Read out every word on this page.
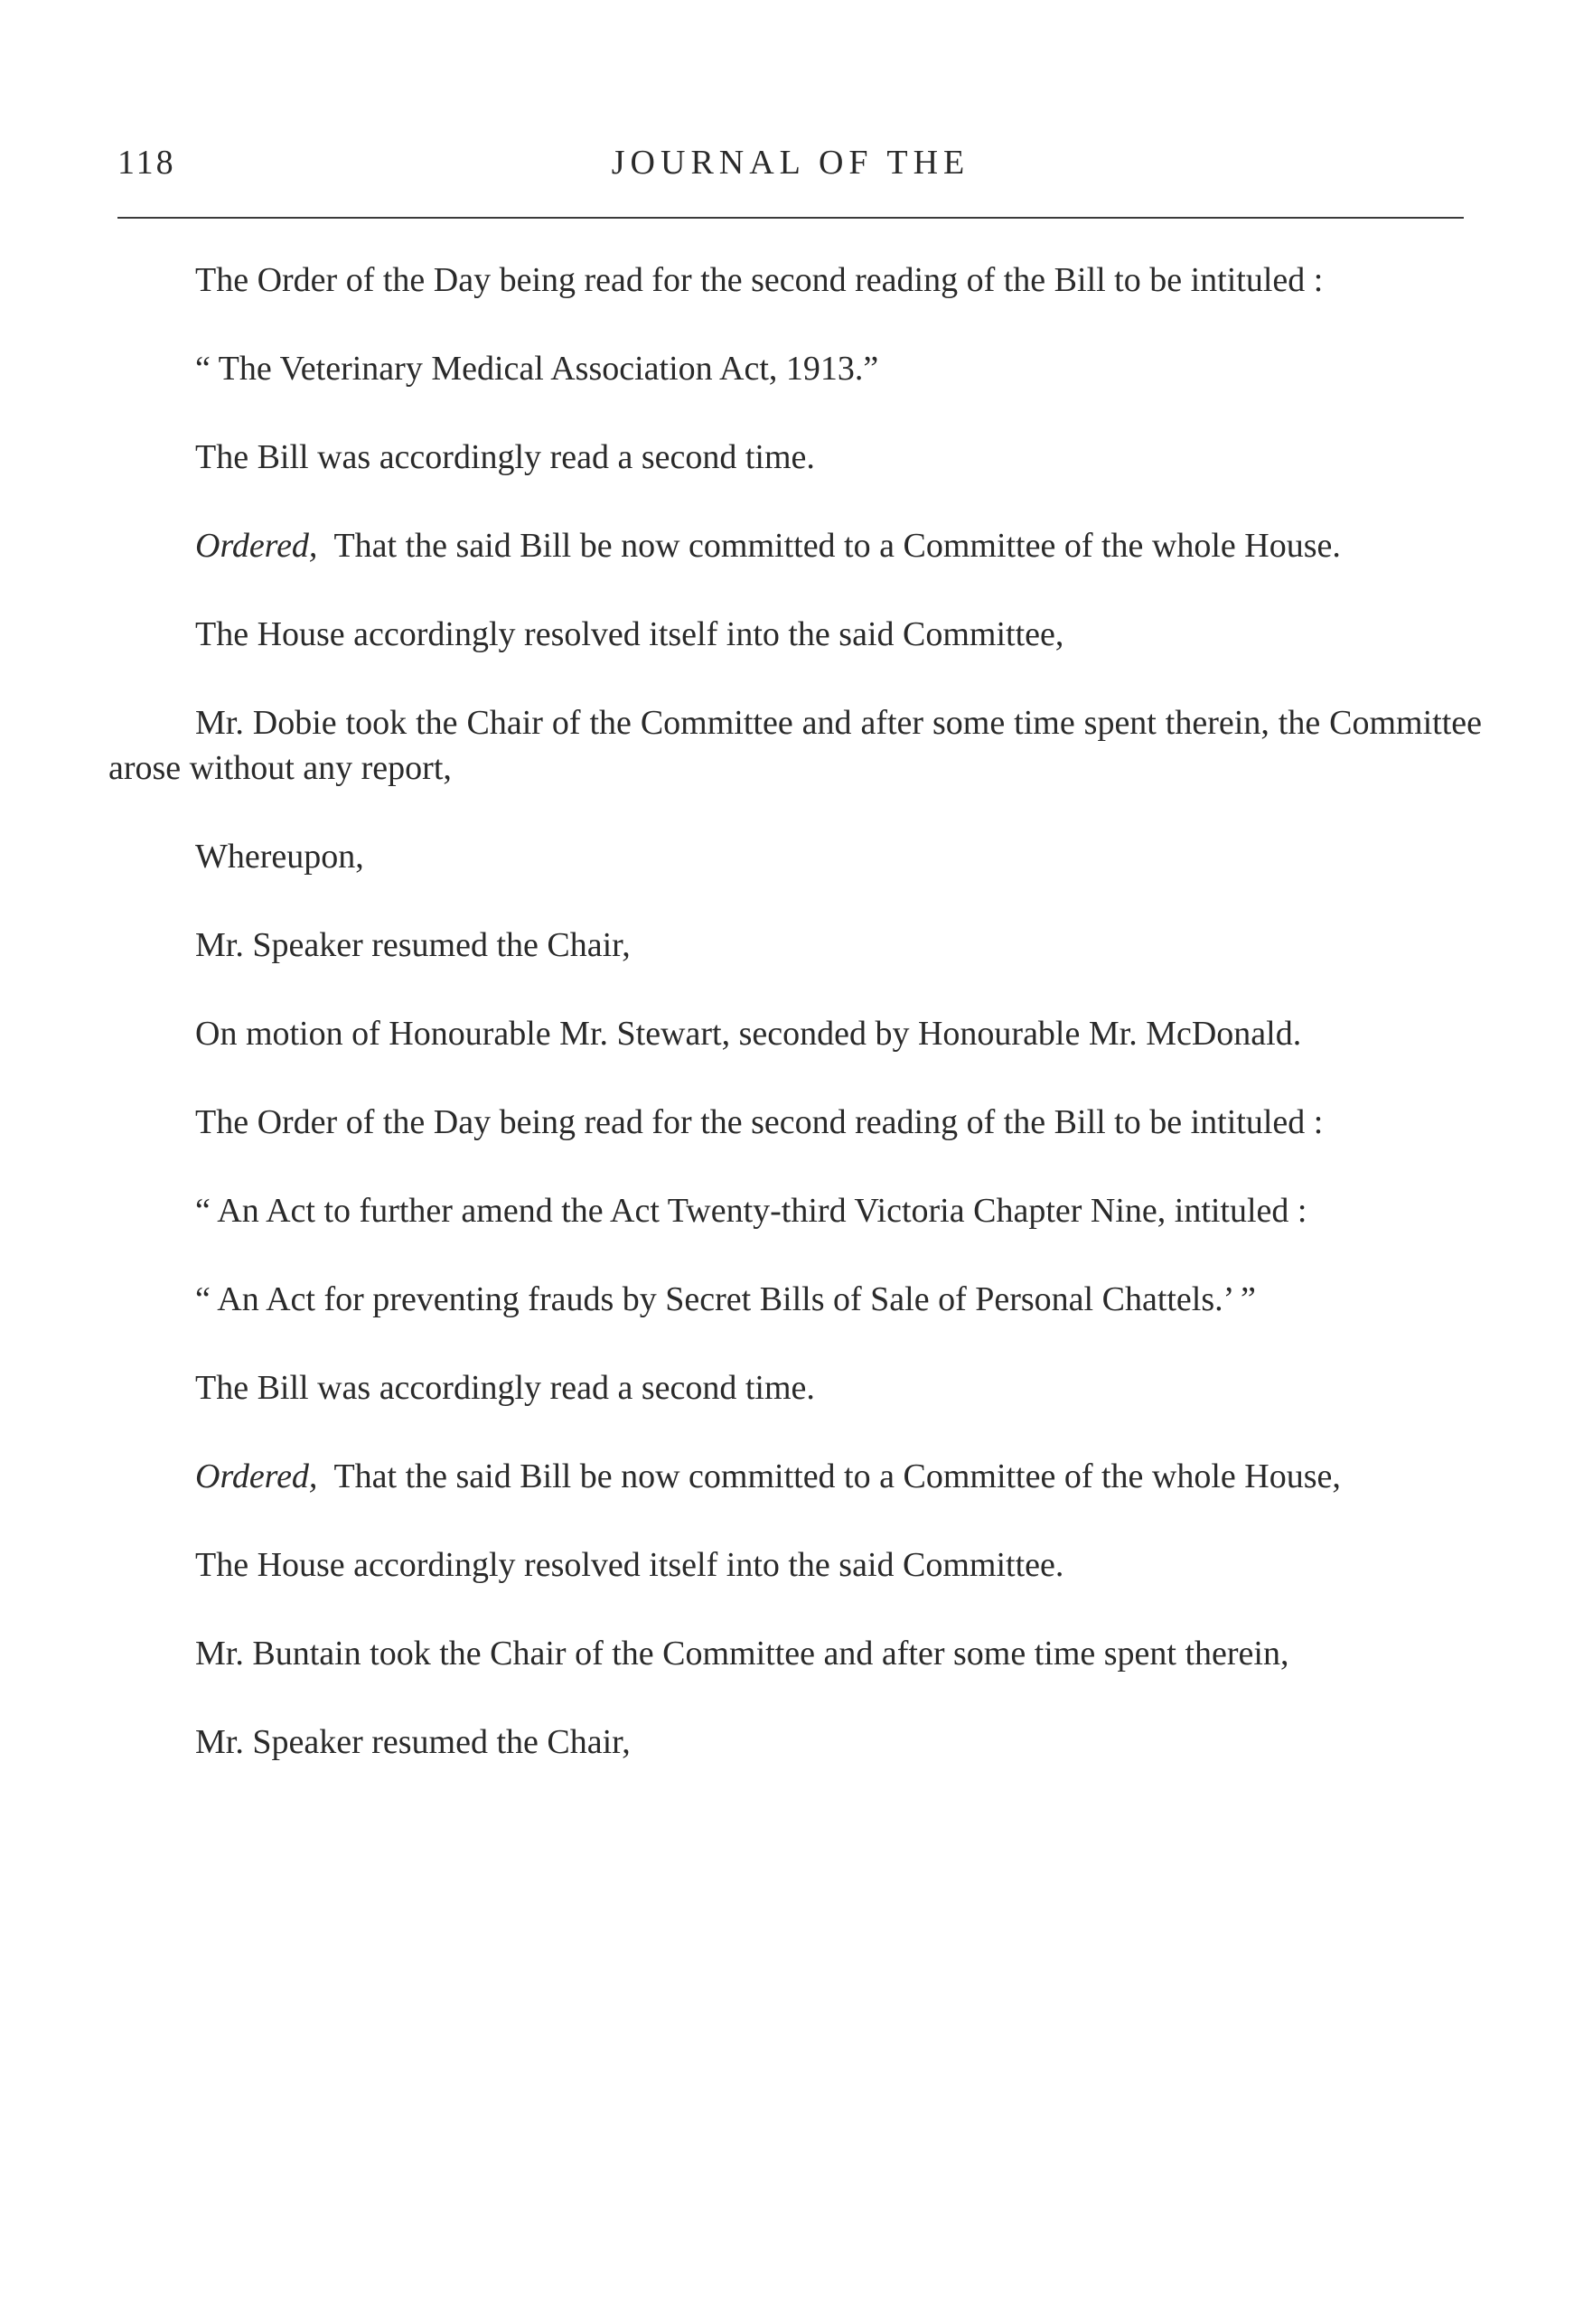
118	JOURNAL OF THE

The Order of the Day being read for the second reading of the Bill to be intituled :

“ The Veterinary Medical Association Act, 1913.”

The Bill was accordingly read a second time.

Ordered, That the said Bill be now committed to a Committee of the whole House.

The House accordingly resolved itself into the said Committee,

Mr. Dobie took the Chair of the Committee and after some time spent therein, the Committee arose without any report,

Whereupon,

Mr. Speaker resumed the Chair,

On motion of Honourable Mr. Stewart, seconded by Honourable Mr. McDonald.

The Order of the Day being read for the second reading of the Bill to be intituled :

“ An Act to further amend the Act Twenty-third Victoria Chapter Nine, intituled :

“ An Act for preventing frauds by Secret Bills of Sale of Personal Chattels.’ ”

The Bill was accordingly read a second time.

Ordered, That the said Bill be now committed to a Committee of the whole House,

The House accordingly resolved itself into the said Committee.

Mr. Buntain took the Chair of the Committee and after some time spent therein,

Mr. Speaker resumed the Chair,
